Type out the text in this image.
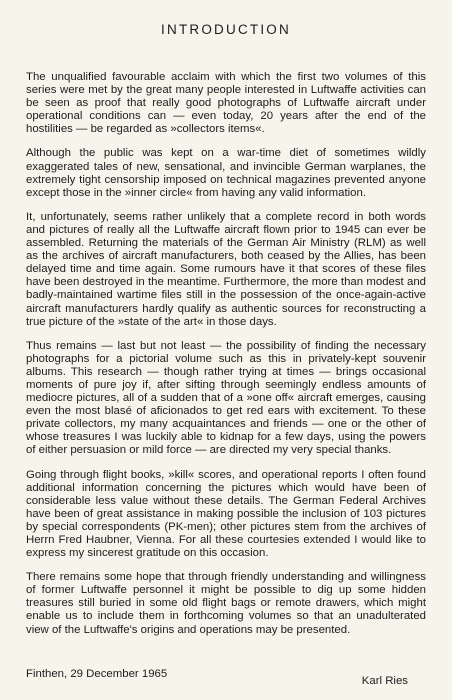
INTRODUCTION

The unqualified favourable acclaim with which the first two volumes of this series were met by the great many people interested in Luftwaffe activities can be seen as proof that really good photographs of Luftwaffe aircraft under operational conditions can — even today, 20 years after the end of the hostilities — be regarded as »collectors items«.

Although the public was kept on a war-time diet of sometimes wildly exaggerated tales of new, sensational, and invincible German warplanes, the extremely tight censorship imposed on technical magazines prevented anyone except those in the »inner circle« from having any valid information.

It, unfortunately, seems rather unlikely that a complete record in both words and pictures of really all the Luftwaffe aircraft flown prior to 1945 can ever be assembled. Returning the materials of the German Air Ministry (RLM) as well as the archives of aircraft manufacturers, both ceased by the Allies, has been delayed time and time again. Some rumours have it that scores of these files have been destroyed in the meantime. Furthermore, the more than modest and badly-maintained wartime files still in the possession of the once-again-active aircraft manufacturers hardly qualify as authentic sources for reconstructing a true picture of the »state of the art« in those days.

Thus remains — last but not least — the possibility of finding the necessary photographs for a pictorial volume such as this in privately-kept souvenir albums. This research — though rather trying at times — brings occasional moments of pure joy if, after sifting through seemingly endless amounts of mediocre pictures, all of a sudden that of a »one off« aircraft emerges, causing even the most blasé of aficionados to get red ears with excitement. To these private collectors, my many acquaintances and friends — one or the other of whose treasures I was luckily able to kidnap for a few days, using the powers of either persuasion or mild force — are directed my very special thanks.

Going through flight books, »kill« scores, and operational reports I often found additional information concerning the pictures which would have been of considerable less value without these details. The German Federal Archives have been of great assistance in making possible the inclusion of 103 pictures by special correspondents (PK-men); other pictures stem from the archives of Herrn Fred Haubner, Vienna. For all these courtesies extended I would like to express my sincerest gratitude on this occasion.

There remains some hope that through friendly understanding and willingness of former Luftwaffe personnel it might be possible to dig up some hidden treasures still buried in some old flight bags or remote drawers, which might enable us to include them in forthcoming volumes so that an unadulterated view of the Luftwaffe's origins and operations may be presented.

Finthen, 29 December 1965
Karl Ries
